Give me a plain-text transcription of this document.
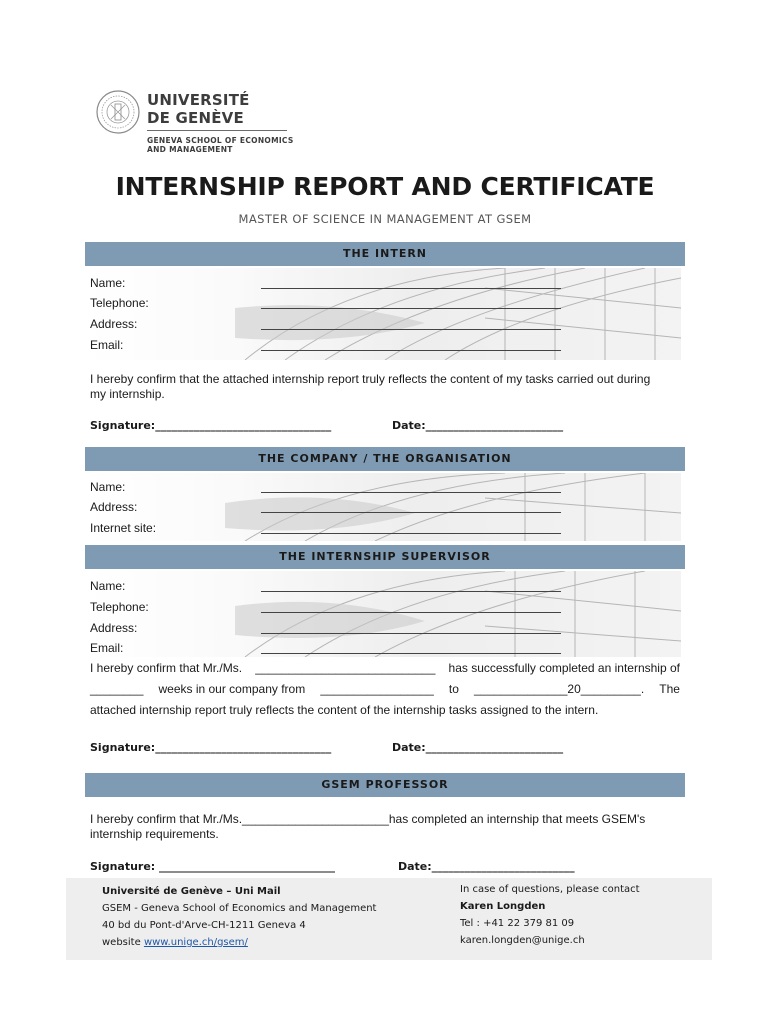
UNIVERSITÉ
DE GENÈVE
GENEVA SCHOOL OF ECONOMICS
AND MANAGEMENT
INTERNSHIP REPORT AND CERTIFICATE
MASTER OF SCIENCE IN MANAGEMENT AT GSEM
THE INTERN
Name:
Telephone:
Address:
Email:
I hereby confirm that the attached internship report truly reflects the content of my tasks carried out during
my internship.
Signature:________________________________	Date:_________________________
THE COMPANY / THE ORGANISATION
Name:
Address:
Internet site:
THE INTERNSHIP SUPERVISOR
Name:
Telephone:
Address:
Email:
I hereby confirm that Mr./Ms. ___________________________ has successfully completed an internship of
________ weeks in our company from _________________ to ______________20_________. The
attached internship report truly reflects the content of the internship tasks assigned to the intern.
Signature:________________________________	Date:_________________________
GSEM PROFESSOR
I hereby confirm that Mr./Ms.______________________has completed an internship that meets GSEM's
internship requirements.
Signature: ________________________________	Date:__________________________
Université de Genève – Uni Mail
GSEM - Geneva School of Economics and Management
40 bd du Pont-d'Arve-CH-1211 Geneva 4
website www.unige.ch/gsem/
In case of questions, please contact
Karen Longden
Tel : +41 22 379 81 09
karen.longden@unige.ch
